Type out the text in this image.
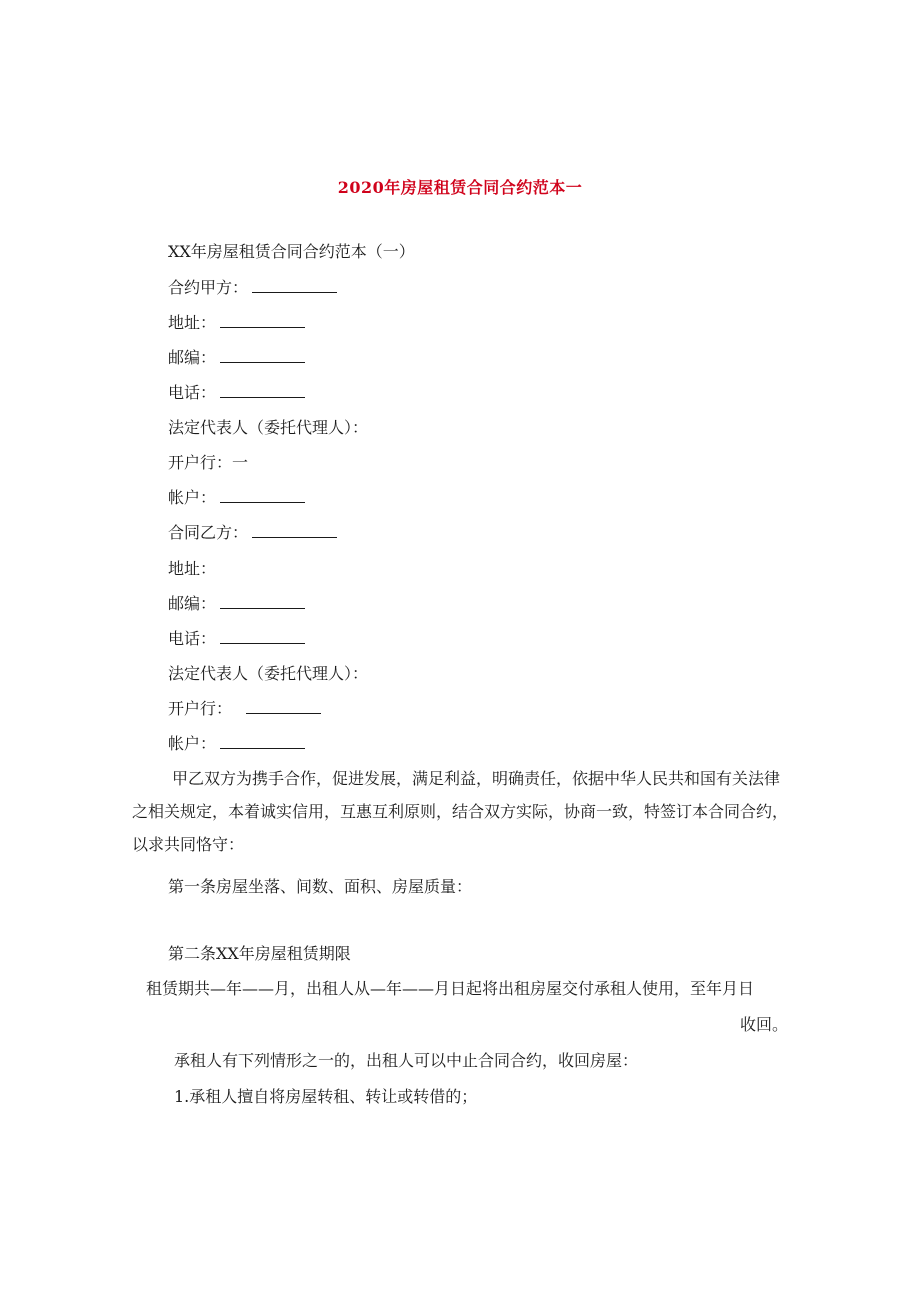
2020年房屋租赁合同合约范本一
XX年房屋租赁合同合约范本（一）
合约甲方：
地址：
邮编：
电话：
法定代表人（委托代理人）：
开户行：一
帐户：
合同乙方：
地址：
邮编：
电话：
法定代表人（委托代理人）：
开户行：
帐户：
甲乙双方为携手合作，促进发展，满足利益，明确责任，依据中华人民共和国有关法律之相关规定，本着诚实信用，互惠互利原则，结合双方实际，协商一致，特签订本合同合约，以求共同恪守：
第一条房屋坐落、间数、面积、房屋质量：
第二条XX年房屋租赁期限
租赁期共—年——月，出租人从—年——月日起将出租房屋交付承租人使用，至年月日
收回。
承租人有下列情形之一的，出租人可以中止合同合约，收回房屋：
1.承租人擅自将房屋转租、转让或转借的；
